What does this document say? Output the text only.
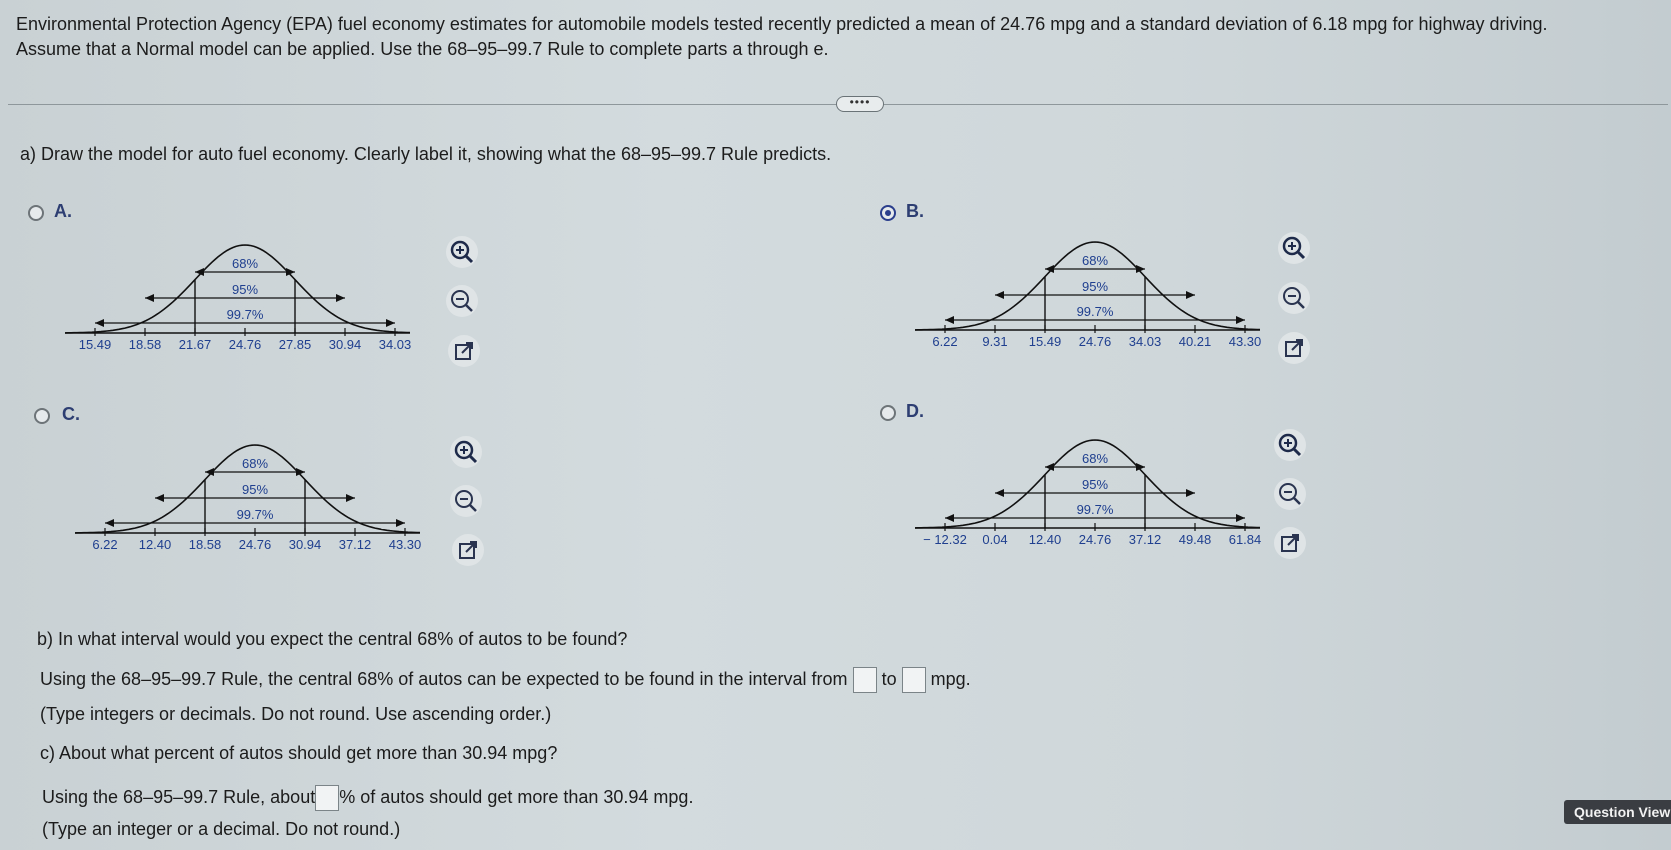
Environmental Protection Agency (EPA) fuel economy estimates for automobile models tested recently predicted a mean of 24.76 mpg and a standard deviation of 6.18 mpg for highway driving.
Assume that a Normal model can be applied. Use the 68–95–99.7 Rule to complete parts a through e.
••••
a) Draw the model for auto fuel economy. Clearly label it, showing what the 68–95–99.7 Rule predicts.
A.
68%
95%
99.7%
15.49 18.58 21.67 24.76 27.85 30.94 34.03
B.
68%
95%
99.7%
6.22 9.31 15.49 24.76 34.03 40.21 43.30
C.
68%
95%
99.7%
6.22 12.40 18.58 24.76 30.94 37.12 43.30
D.
68%
95%
99.7%
− 12.32 0.04 12.40 24.76 37.12 49.48 61.84
b) In what interval would you expect the central 68% of autos to be found?
Using the 68–95–99.7 Rule, the central 68% of autos can be expected to be found in the interval from to mpg.
(Type integers or decimals. Do not round. Use ascending order.)
c) About what percent of autos should get more than 30.94 mpg?
Using the 68–95–99.7 Rule, about % of autos should get more than 30.94 mpg.
(Type an integer or a decimal. Do not round.)
Question View
